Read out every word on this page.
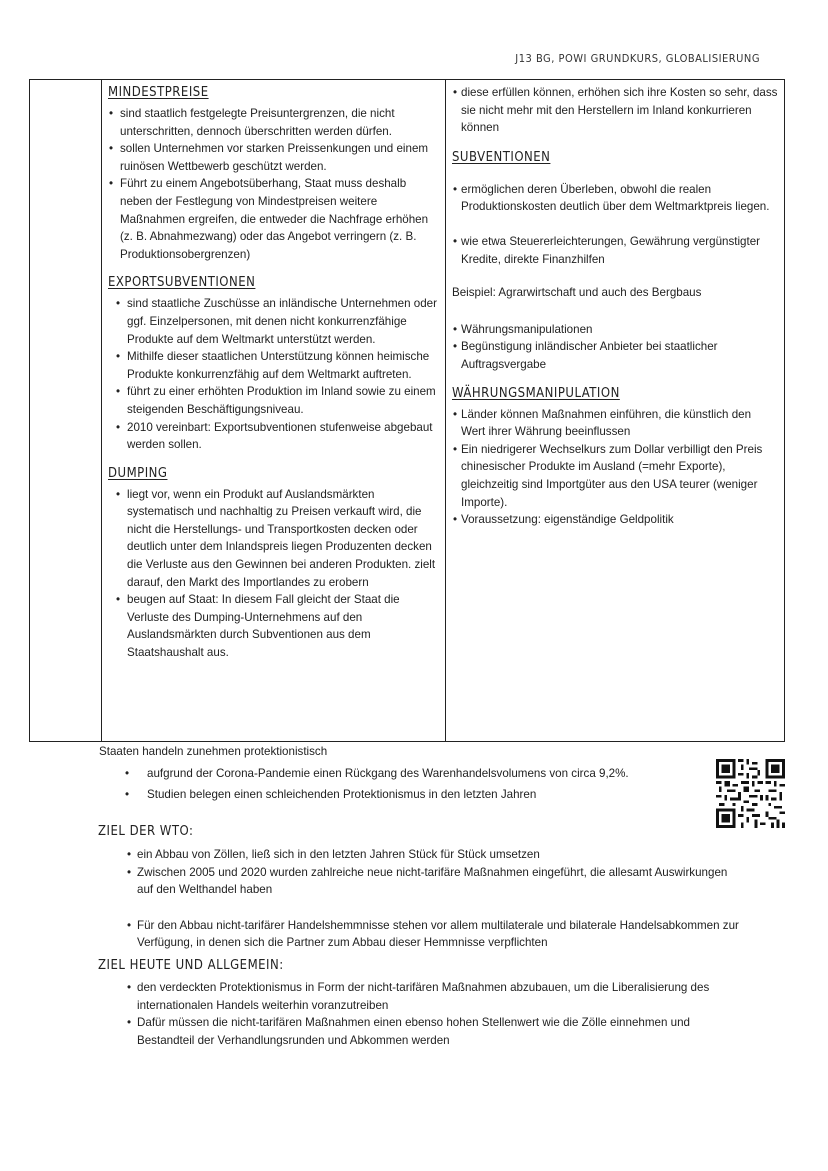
J13 BG, POWI GRUNDKURS, GLOBALISIERUNG
MINDESTPREISE
• sind staatlich festgelegte Preisuntergrenzen, die nicht unterschritten, dennoch überschritten werden dürfen.
• sollen Unternehmen vor starken Preissenkungen und einem ruinösen Wettbewerb geschützt werden.
• Führt zu einem Angebotsüberhang, Staat muss deshalb neben der Festlegung von Mindestpreisen weitere Maßnahmen ergreifen, die entweder die Nachfrage erhöhen (z. B. Abnahmezwang) oder das Angebot verringern (z. B. Produktionsobergrenzen)
EXPORTSUBVENTIONEN
• sind staatliche Zuschüsse an inländische Unternehmen oder ggf. Einzelpersonen, mit denen nicht konkurrenzfähige Produkte auf dem Weltmarkt unterstützt werden.
• Mithilfe dieser staatlichen Unterstützung können heimische Produkte konkurrenzfähig auf dem Weltmarkt auftreten.
• führt zu einer erhöhten Produktion im Inland sowie zu einem steigenden Beschäftigungsniveau.
• 2010 vereinbart: Exportsubventionen stufenweise abgebaut werden sollen.
DUMPING
• liegt vor, wenn ein Produkt auf Auslandsmärkten systematisch und nachhaltig zu Preisen verkauft wird, die nicht die Herstellungs- und Transportkosten decken oder deutlich unter dem Inlandspreis liegen Produzenten decken die Verluste aus den Gewinnen bei anderen Produkten. zielt darauf, den Markt des Importlandes zu erobern
• beugen auf Staat: In diesem Fall gleicht der Staat die Verluste des Dumping-Unternehmens auf den Auslandsmärkten durch Subventionen aus dem Staatshaushalt aus.
• diese erfüllen können, erhöhen sich ihre Kosten so sehr, dass sie nicht mehr mit den Herstellern im Inland konkurrieren können
SUBVENTIONEN
• ermöglichen deren Überleben, obwohl die realen Produktionskosten deutlich über dem Weltmarktpreis liegen.
• wie etwa Steuererleichterungen, Gewährung vergünstigter Kredite, direkte Finanzhilfen

Beispiel: Agrarwirtschaft und auch des Bergbaus

• Währungsmanipulationen
• Begünstigung inländischer Anbieter bei staatlicher Auftragsvergabe
WÄHRUNGSMANIPULATION
• Länder können Maßnahmen einführen, die künstlich den Wert ihrer Währung beeinflussen
• Ein niedrigerer Wechselkurs zum Dollar verbilligt den Preis chinesischer Produkte im Ausland (=mehr Exporte), gleichzeitig sind Importgüter aus den USA teurer (weniger Importe).
• Voraussetzung: eigenständige Geldpolitik

Staaten handeln zunehmen protektionistisch

• aufgrund der Corona-Pandemie einen Rückgang des Warenhandelsvolumens von circa 9,2%.
• Studien belegen einen schleichenden Protektionismus in den letzten Jahren
ZIEL DER WTO:
• ein Abbau von Zöllen, ließ sich in den letzten Jahren Stück für Stück umsetzen
• Zwischen 2005 und 2020 wurden zahlreiche neue nicht-tarifäre Maßnahmen eingeführt, die allesamt Auswirkungen auf den Welthandel haben
• Für den Abbau nicht-tarifärer Handelshemmnisse stehen vor allem multilaterale und bilaterale Handelsabkommen zur Verfügung, in denen sich die Partner zum Abbau dieser Hemmnisse verpflichten
ZIEL HEUTE UND ALLGEMEIN:
• den verdeckten Protektionismus in Form der nicht-tarifären Maßnahmen abzubauen, um die Liberalisierung des internationalen Handels weiterhin voranzutreiben
• Dafür müssen die nicht-tarifären Maßnahmen einen ebenso hohen Stellenwert wie die Zölle einnehmen und Bestandteil der Verhandlungsrunden und Abkommen werden
